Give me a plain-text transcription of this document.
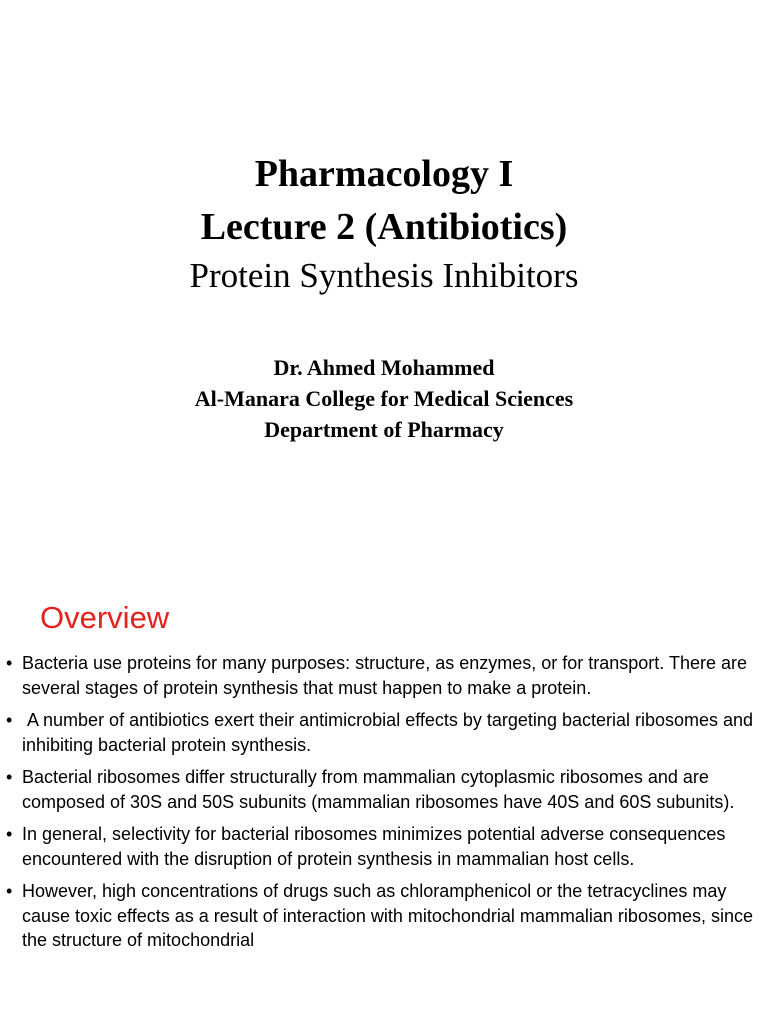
Pharmacology I
Lecture 2 (Antibiotics)
Protein Synthesis Inhibitors
Dr. Ahmed Mohammed
Al-Manara College for Medical Sciences
Department of Pharmacy
Overview
• Bacteria use proteins for many purposes: structure, as enzymes, or for transport. There are several stages of protein synthesis that must happen to make a protein.
• A number of antibiotics exert their antimicrobial effects by targeting bacterial ribosomes and inhibiting bacterial protein synthesis.
• Bacterial ribosomes differ structurally from mammalian cytoplasmic ribosomes and are composed of 30S and 50S subunits (mammalian ribosomes have 40S and 60S subunits).
• In general, selectivity for bacterial ribosomes minimizes potential adverse consequences encountered with the disruption of protein synthesis in mammalian host cells.
• However, high concentrations of drugs such as chloramphenicol or the tetracyclines may cause toxic effects as a result of interaction with mitochondrial mammalian ribosomes, since the structure of mitochondrial
